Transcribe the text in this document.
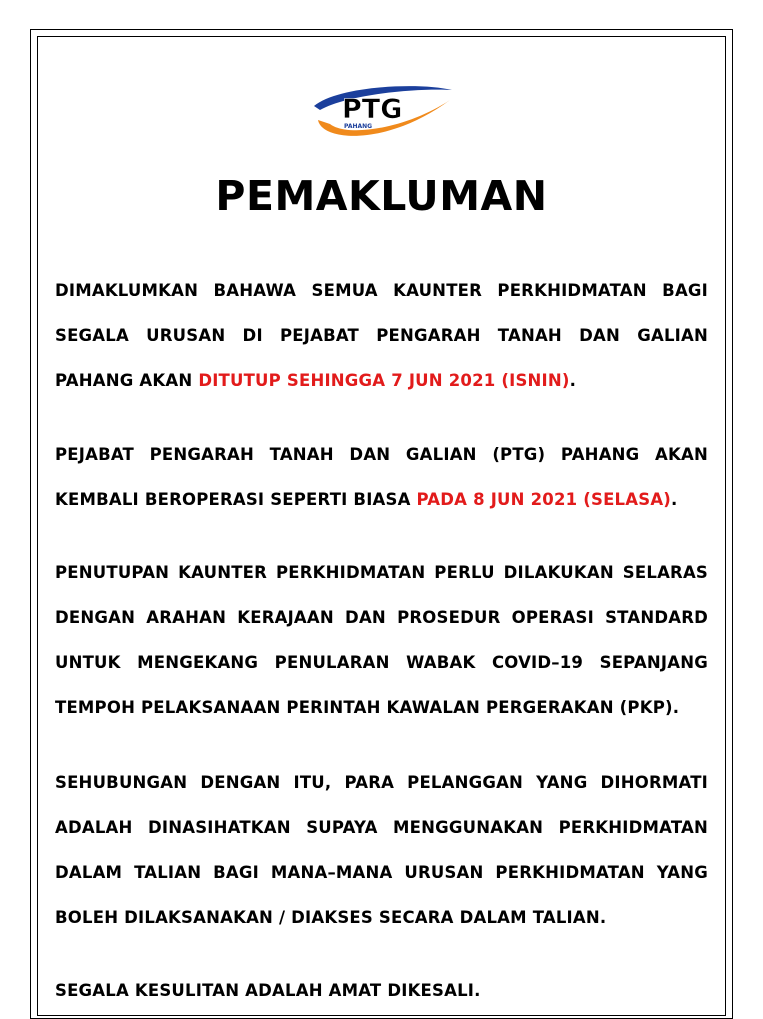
PTG
PAHANG
PEMAKLUMAN
DIMAKLUMKAN BAHAWA SEMUA KAUNTER PERKHIDMATAN BAGI SEGALA URUSAN DI PEJABAT PENGARAH TANAH DAN GALIAN PAHANG AKAN DITUTUP SEHINGGA 7 JUN 2021 (ISNIN).
PEJABAT PENGARAH TANAH DAN GALIAN (PTG) PAHANG AKAN KEMBALI BEROPERASI SEPERTI BIASA PADA 8 JUN 2021 (SELASA).
PENUTUPAN KAUNTER PERKHIDMATAN PERLU DILAKUKAN SELARAS DENGAN ARAHAN KERAJAAN DAN PROSEDUR OPERASI STANDARD UNTUK MENGEKANG PENULARAN WABAK COVID–19 SEPANJANG TEMPOH PELAKSANAAN PERINTAH KAWALAN PERGERAKAN (PKP).
SEHUBUNGAN DENGAN ITU, PARA PELANGGAN YANG DIHORMATI ADALAH DINASIHATKAN SUPAYA MENGGUNAKAN PERKHIDMATAN DALAM TALIAN BAGI MANA–MANA URUSAN PERKHIDMATAN YANG BOLEH DILAKSANAKAN / DIAKSES SECARA DALAM TALIAN.
SEGALA KESULITAN ADALAH AMAT DIKESALI.
